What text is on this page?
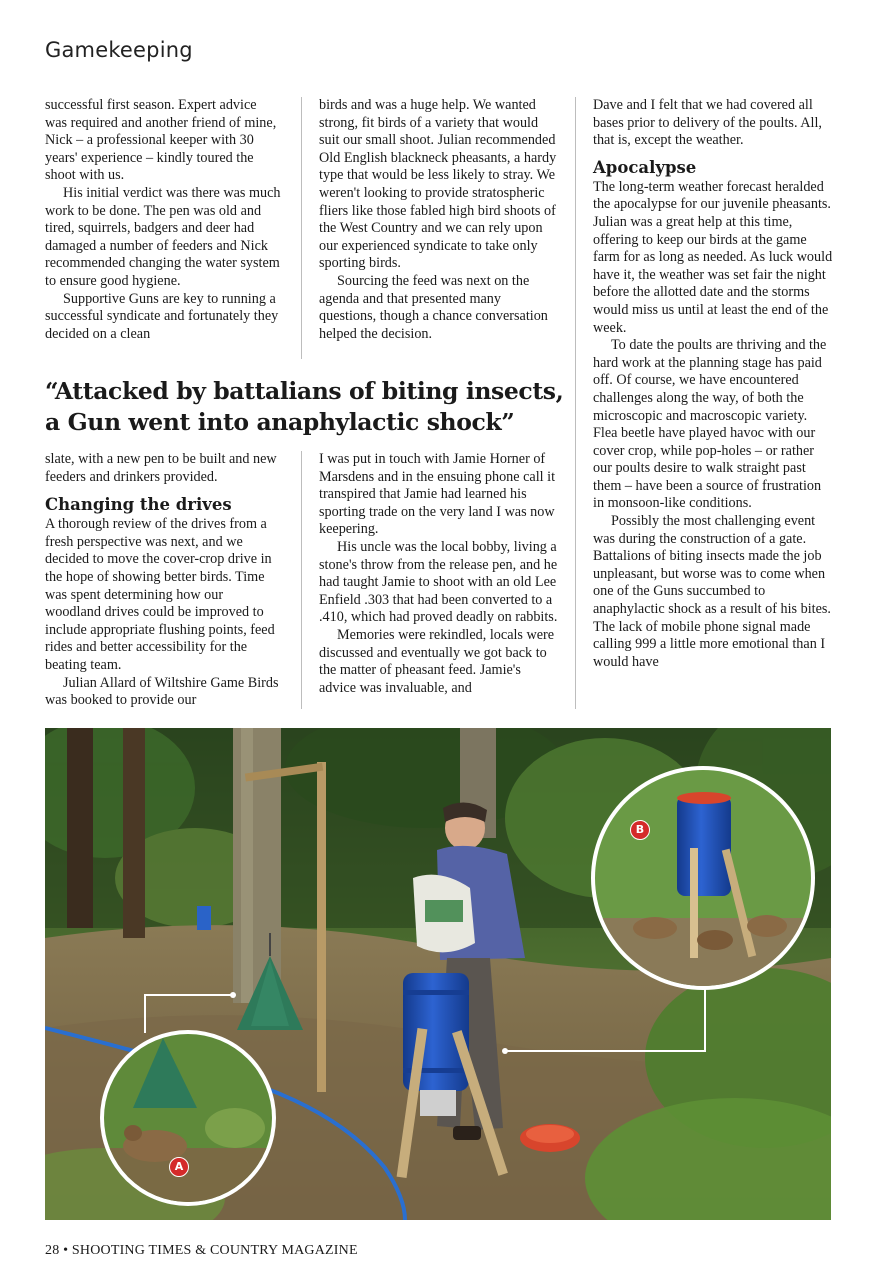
Gamekeeping

successful first season. Expert advice was required and another friend of mine, Nick – a professional keeper with 30 years' experience – kindly toured the shoot with us.

His initial verdict was there was much work to be done. The pen was old and tired, squirrels, badgers and deer had damaged a number of feeders and Nick recommended changing the water system to ensure good hygiene.

Supportive Guns are key to running a successful syndicate and fortunately they decided on a clean

birds and was a huge help. We wanted strong, fit birds of a variety that would suit our small shoot. Julian recommended Old English blackneck pheasants, a hardy type that would be less likely to stray. We weren't looking to provide stratospheric fliers like those fabled high bird shoots of the West Country and we can rely upon our experienced syndicate to take only sporting birds.

Sourcing the feed was next on the agenda and that presented many questions, though a chance conversation helped the decision.

“Attacked by battalians of biting insects,
a Gun went into anaphylactic shock”

slate, with a new pen to be built and new feeders and drinkers provided.

Changing the drives

A thorough review of the drives from a fresh perspective was next, and we decided to move the cover-crop drive in the hope of showing better birds. Time was spent determining how our woodland drives could be improved to include appropriate flushing points, feed rides and better accessibility for the beating team.

Julian Allard of Wiltshire Game Birds was booked to provide our

I was put in touch with Jamie Horner of Marsdens and in the ensuing phone call it transpired that Jamie had learned his sporting trade on the very land I was now keepering.

His uncle was the local bobby, living a stone's throw from the release pen, and he had taught Jamie to shoot with an old Lee Enfield .303 that had been converted to a .410, which had proved deadly on rabbits.

Memories were rekindled, locals were discussed and eventually we got back to the matter of pheasant feed. Jamie's advice was invaluable, and

Dave and I felt that we had covered all bases prior to delivery of the poults. All, that is, except the weather.

Apocalypse

The long-term weather forecast heralded the apocalypse for our juvenile pheasants. Julian was a great help at this time, offering to keep our birds at the game farm for as long as needed. As luck would have it, the weather was set fair the night before the allotted date and the storms would miss us until at least the end of the week.

To date the poults are thriving and the hard work at the planning stage has paid off. Of course, we have encountered challenges along the way, of both the microscopic and macroscopic variety. Flea beetle have played havoc with our cover crop, while pop-holes – or rather our poults desire to walk straight past them – have been a source of frustration in monsoon-like conditions.

Possibly the most challenging event was during the construction of a gate. Battalions of biting insects made the job unpleasant, but worse was to come when one of the Guns succumbed to anaphylactic shock as a result of his bites. The lack of mobile phone signal made calling 999 a little more emotional than I would have

A
B
28 • SHOOTING TIMES & COUNTRY MAGAZINE
